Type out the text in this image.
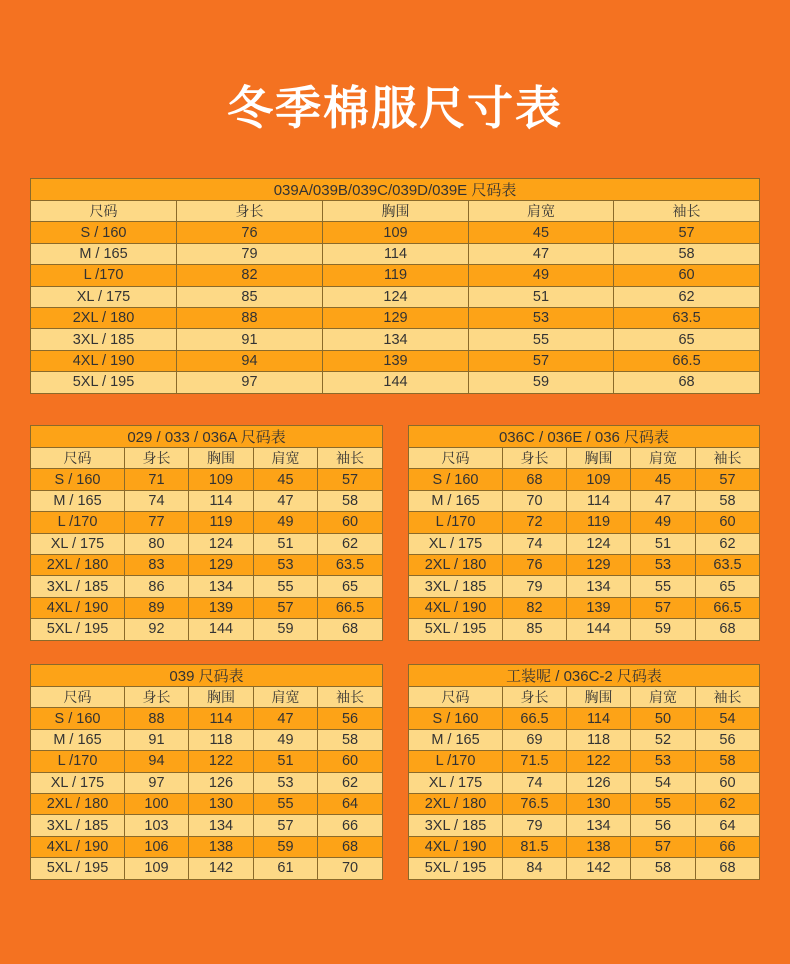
冬季棉服尺寸表
039A/039B/039C/039D/039E 尺码表				
尺码	身长	胸围	肩宽	袖长
S / 160	76	109	45	57
M / 165	79	114	47	58
L /170	82	119	49	60
XL / 175	85	124	51	62
2XL / 180	88	129	53	63.5
3XL / 185	91	134	55	65
4XL / 190	94	139	57	66.5
5XL / 195	97	144	59	68
029 / 033 / 036A 尺码表				
尺码	身长	胸围	肩宽	袖长
S / 160	71	109	45	57
M / 165	74	114	47	58
L /170	77	119	49	60
XL / 175	80	124	51	62
2XL / 180	83	129	53	63.5
3XL / 185	86	134	55	65
4XL / 190	89	139	57	66.5
5XL / 195	92	144	59	68
036C / 036E / 036 尺码表				
尺码	身长	胸围	肩宽	袖长
S / 160	68	109	45	57
M / 165	70	114	47	58
L /170	72	119	49	60
XL / 175	74	124	51	62
2XL / 180	76	129	53	63.5
3XL / 185	79	134	55	65
4XL / 190	82	139	57	66.5
5XL / 195	85	144	59	68
039 尺码表				
尺码	身长	胸围	肩宽	袖长
S / 160	88	114	47	56
M / 165	91	118	49	58
L /170	94	122	51	60
XL / 175	97	126	53	62
2XL / 180	100	130	55	64
3XL / 185	103	134	57	66
4XL / 190	106	138	59	68
5XL / 195	109	142	61	70
工装呢 / 036C-2 尺码表				
尺码	身长	胸围	肩宽	袖长
S / 160	66.5	114	50	54
M / 165	69	118	52	56
L /170	71.5	122	53	58
XL / 175	74	126	54	60
2XL / 180	76.5	130	55	62
3XL / 185	79	134	56	64
4XL / 190	81.5	138	57	66
5XL / 195	84	142	58	68
